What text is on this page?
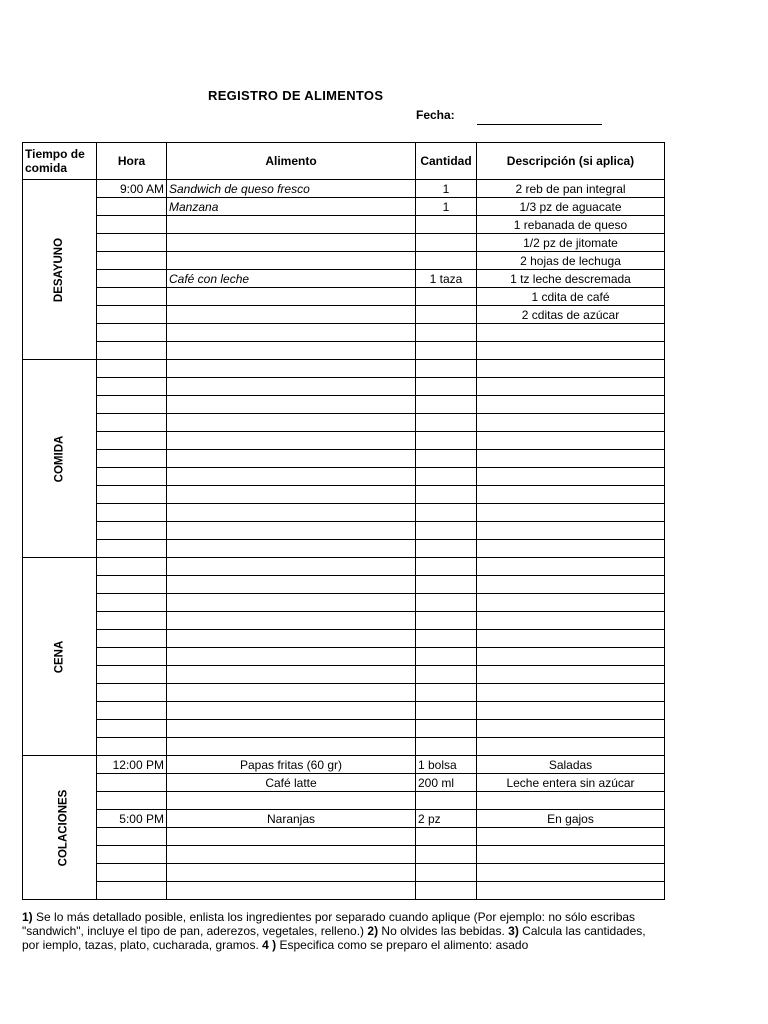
REGISTRO DE ALIMENTOS
Fecha:
Tiempo de comida	Hora	Alimento	Cantidad	Descripción (si aplica)
DESAYUNO	9:00 AM	Sandwich de queso fresco	1	2 reb de pan integral
		Manzana	1	1/3 pz de aguacate
				1 rebanada de queso
				1/2 pz de jitomate
				2 hojas de lechuga
		Café con leche	1 taza	1 tz leche descremada
				1 cdita de café
				2 cditas de azúcar

COMIDA				

CENA				

COLACIONES	12:00 PM	Papas fritas (60 gr)	1 bolsa	Saladas
		Café latte	200 ml	Leche entera sin azúcar

	5:00 PM	Naranjas	2 pz	En gajos

1) Se lo más detallado posible, enlista los ingredientes por separado cuando aplique (Por ejemplo: no sólo escribas "sandwich", incluye el tipo de pan, aderezos, vegetales, relleno.) 2) No olvides las bebidas. 3) Calcula las cantidades, por iemplo, tazas, plato, cucharada, gramos. 4 ) Especifica como se preparo el alimento: asado
